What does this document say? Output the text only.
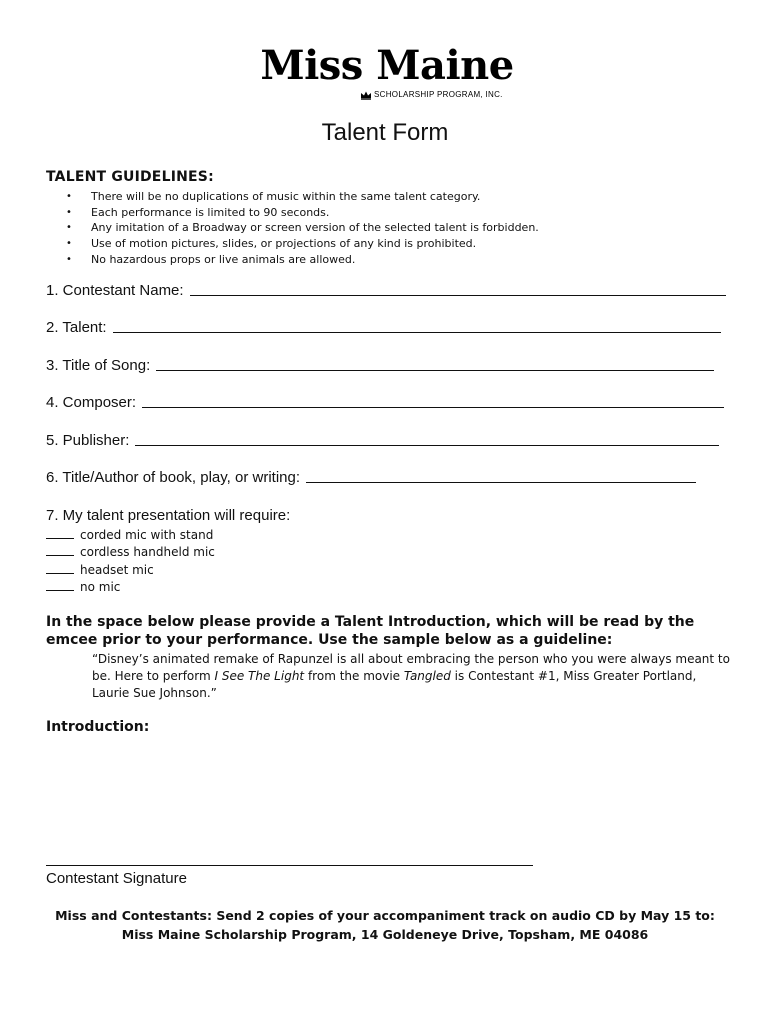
Miss Maine
SCHOLARSHIP PROGRAM, INC.
Talent Form
TALENT GUIDELINES:
• There will be no duplications of music within the same talent category.
• Each performance is limited to 90 seconds.
• Any imitation of a Broadway or screen version of the selected talent is forbidden.
• Use of motion pictures, slides, or projections of any kind is prohibited.
• No hazardous props or live animals are allowed.
1. Contestant Name:
2. Talent:
3. Title of Song:
4. Composer:
5. Publisher:
6. Title/Author of book, play, or writing:
7. My talent presentation will require:
corded mic with stand
cordless handheld mic
headset mic
no mic
In the space below please provide a Talent Introduction, which will be read by the emcee prior to your performance. Use the sample below as a guideline:
“Disney’s animated remake of Rapunzel is all about embracing the person who you were always meant to be. Here to perform I See The Light from the movie Tangled is Contestant #1, Miss Greater Portland, Laurie Sue Johnson.”
Introduction:
Contestant Signature
Miss and Contestants: Send 2 copies of your accompaniment track on audio CD by May 15 to:
Miss Maine Scholarship Program, 14 Goldeneye Drive, Topsham, ME 04086
